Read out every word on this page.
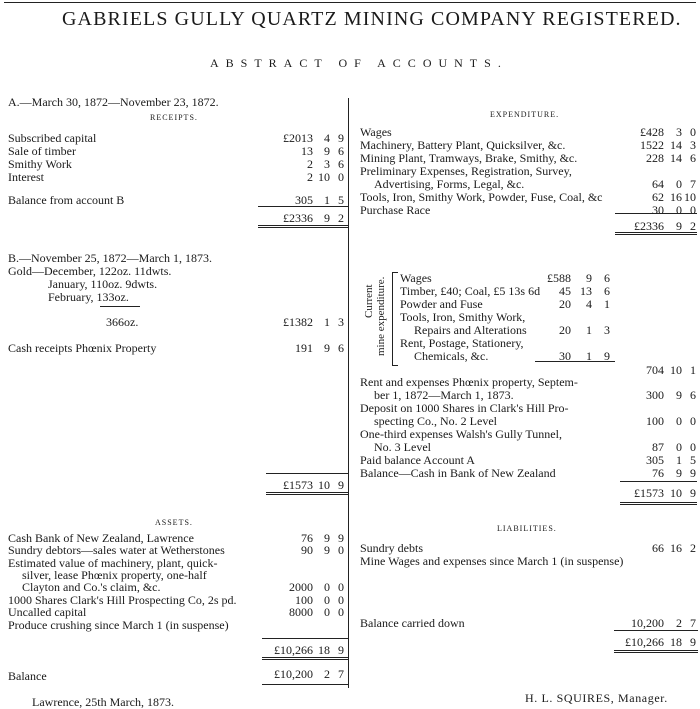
GABRIELS GULLY QUARTZ MINING COMPANY REGISTERED.
ABSTRACT OF ACCOUNTS.
A.—March 30, 1872—November 23, 1872.
RECEIPTS.
Subscribed capital	£2013 4 9
Sale of timber	13 9 6
Smithy Work	2 3 6
Interest	2 10 0
Balance from account B	305 1 5
£2336 9 2
EXPENDITURE.
Wages	£428	3 0
Machinery, Battery Plant, Quicksilver, &c.	1522 14 3
Mining Plant, Tramways, Brake, Smithy, &c.	228 14 6
Preliminary Expenses, Registration, Survey,
Advertising, Forms, Legal, &c.	64	0 7
Tools, Iron, Smithy Work, Powder, Fuse, Coal, &c	62 16 10
Purchase Race	30	0 0
£2336	9 2
B.—November 25, 1872—March 1, 1873.
Gold—December, 122oz. 11dwts.
January, 110oz. 9dwts.
February, 133oz.
366oz.	£1382 1 3
Cash receipts Phœnix Property	191 9 6
£1573 10 9
Current mine expenditure. Wages	£588	9	6
Timber, £40; Coal, £5 13s 6d	45 13	6
Powder and Fuse	20	4	1
Tools, Iron, Smithy Work,
Repairs and Alterations	20	1	3
Rent, Postage, Stationery,
Chemicals, &c.	30	1	9
704 10 1
Rent and expenses Phœnix property, Septem-
ber 1, 1872—March 1, 1873.	300	9 6
Deposit on 1000 Shares in Clark's Hill Pro-
specting Co., No. 2 Level	100	0 0
One-third expenses Walsh's Gully Tunnel,
No. 3 Level	87	0 0
Paid balance Account A	305	1 5
Balance—Cash in Bank of New Zealand	76	9 9
£1573 10 9
ASSETS.
Cash Bank of New Zealand, Lawrence	76 9 9
Sundry debtors—sales water at Wetherstones	90 9 0
Estimated value of machinery, plant, quick-
silver, lease Phœnix property, one-half
Clayton and Co.'s claim, &c.	2000 0 0
1000 Shares Clark's Hill Prospecting Co, 2s pd.	100 0 0
Uncalled capital	8000 0 0
Produce crushing since March 1 (in suspense)
£10,266 18 9
Balance	£10,200 2 7
LIABILITIES.
Sundry debts	66 16 2
Mine Wages and expenses since March 1 (in suspense)
Balance carried down	10,200	2 7
£10,266 18 9
Lawrence, 25th March, 1873.	H. L. SQUIRES, Manager.
